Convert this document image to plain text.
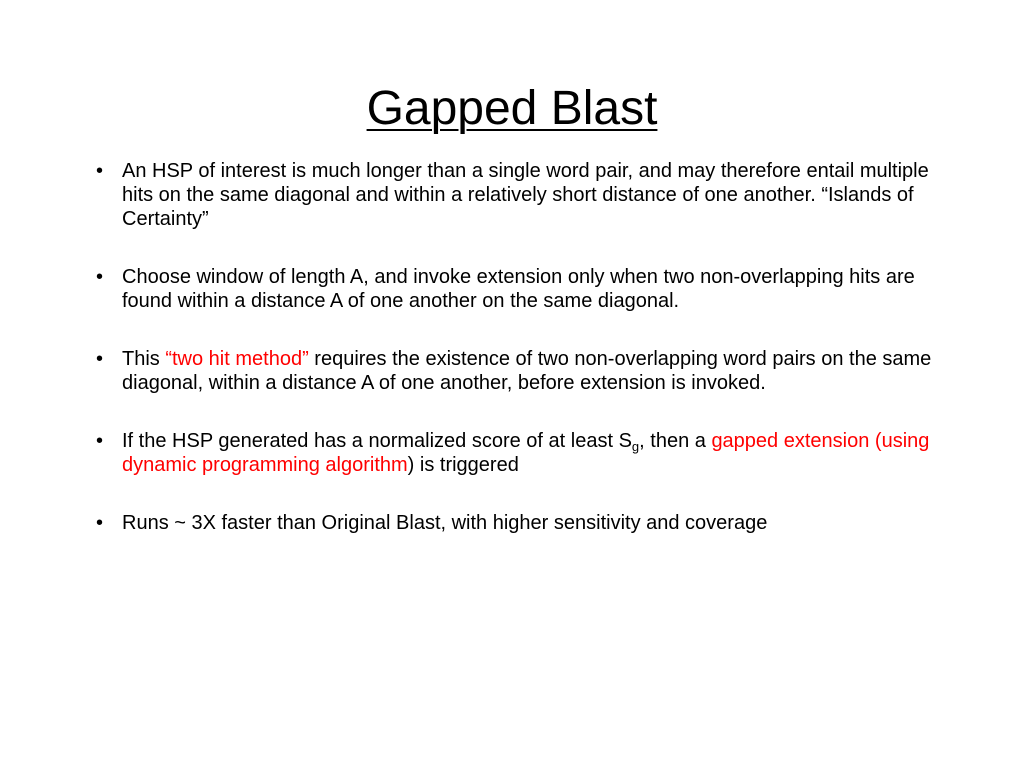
Gapped Blast
• An HSP of interest is much longer than a single word pair, and may therefore entail multiple hits on the same diagonal and within a relatively short distance of one another. “Islands of Certainty”
• Choose window of length A, and invoke extension only when two non-overlapping hits are found within a distance A of one another on the same diagonal.
• This “two hit method” requires the existence of two non-overlapping word pairs on the same diagonal, within a distance A of one another, before extension is invoked.
• If the HSP generated has a normalized score of at least $S_g$, then a gapped extension (using dynamic programming algorithm) is triggered
• Runs ~ 3X faster than Original Blast, with higher sensitivity and coverage
